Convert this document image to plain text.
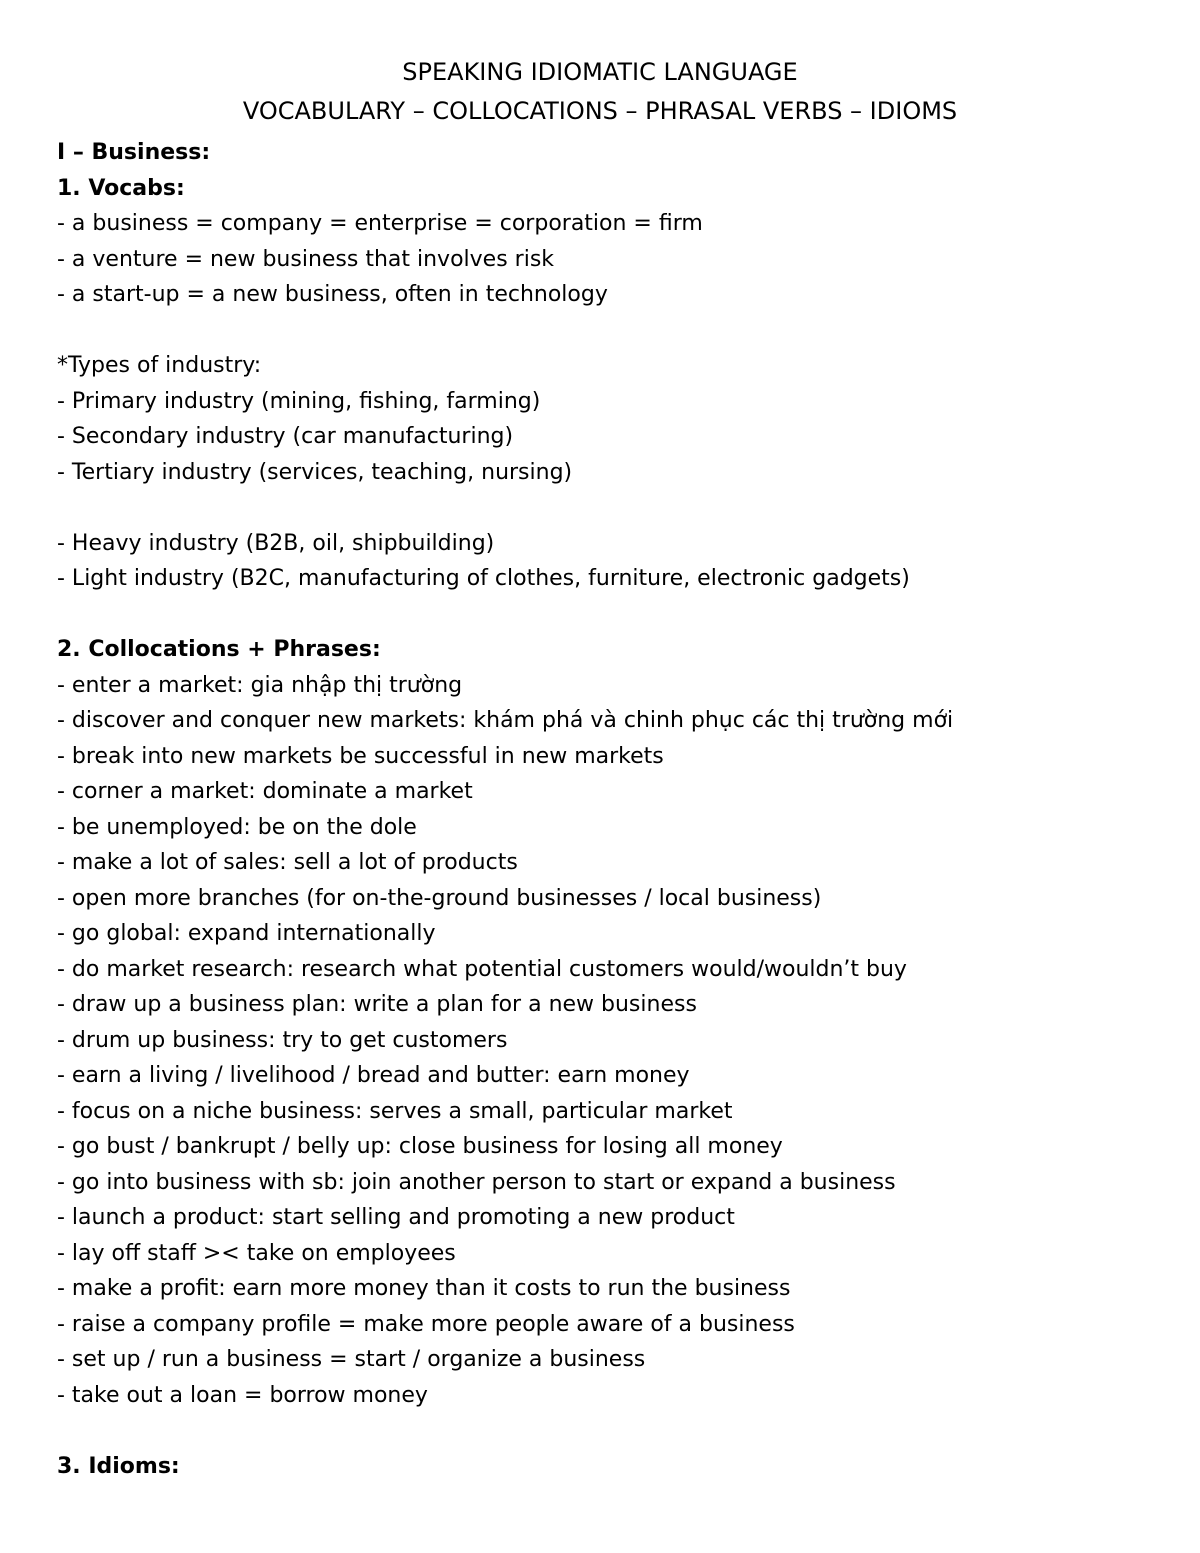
SPEAKING IDIOMATIC LANGUAGE
VOCABULARY – COLLOCATIONS – PHRASAL VERBS – IDIOMS
I – Business:
1. Vocabs:
- a business = company = enterprise = corporation = firm
- a venture = new business that involves risk
- a start-up = a new business, often in technology
*Types of industry:
- Primary industry (mining, fishing, farming)
- Secondary industry (car manufacturing)
- Tertiary industry (services, teaching, nursing)
- Heavy industry (B2B, oil, shipbuilding)
- Light industry (B2C, manufacturing of clothes, furniture, electronic gadgets)
2. Collocations + Phrases:
- enter a market: gia nhập thị trường
- discover and conquer new markets: khám phá và chinh phục các thị trường mới
- break into new markets be successful in new markets
- corner a market: dominate a market
- be unemployed: be on the dole
- make a lot of sales: sell a lot of products
- open more branches (for on-the-ground businesses / local business)
- go global: expand internationally
- do market research: research what potential customers would/wouldn’t buy
- draw up a business plan: write a plan for a new business
- drum up business: try to get customers
- earn a living / livelihood / bread and butter: earn money
- focus on a niche business: serves a small, particular market
- go bust / bankrupt / belly up: close business for losing all money
- go into business with sb: join another person to start or expand a business
- launch a product: start selling and promoting a new product
- lay off staff >< take on employees
- make a profit: earn more money than it costs to run the business
- raise a company profile = make more people aware of a business
- set up / run a business = start / organize a business
- take out a loan = borrow money
3. Idioms:
